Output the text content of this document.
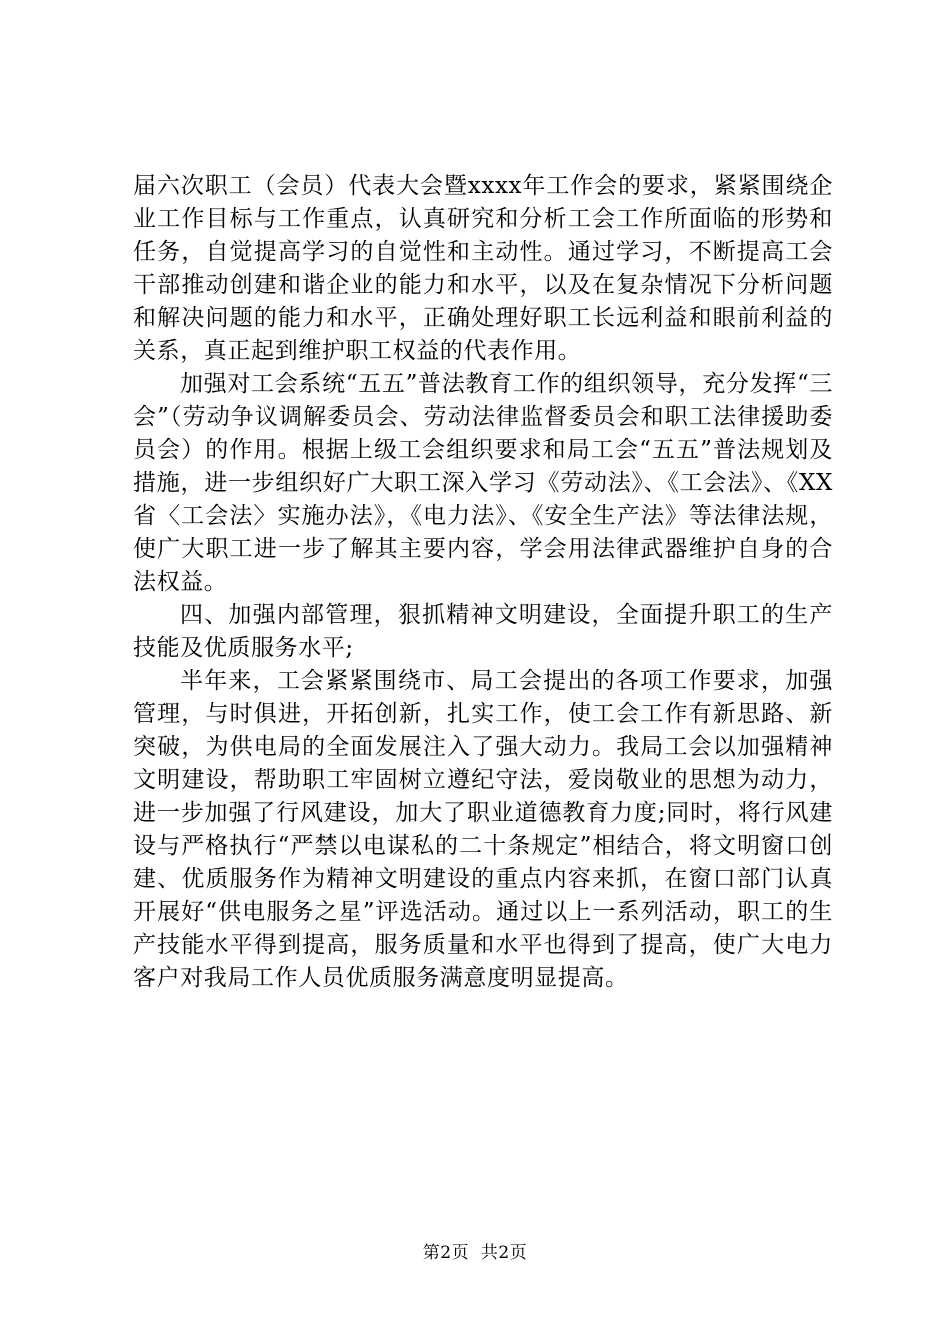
届六次职工（会员）代表大会暨xxxx年工作会的要求，紧紧围绕企业工作目标与工作重点，认真研究和分析工会工作所面临的形势和任务，自觉提高学习的自觉性和主动性。通过学习，不断提高工会干部推动创建和谐企业的能力和水平，以及在复杂情况下分析问题和解决问题的能力和水平，正确处理好职工长远利益和眼前利益的关系，真正起到维护职工权益的代表作用。

加强对工会系统“五五”普法教育工作的组织领导，充分发挥“三会”（劳动争议调解委员会、劳动法律监督委员会和职工法律援助委员会）的作用。根据上级工会组织要求和局工会“五五”普法规划及措施，进一步组织好广大职工深入学习《劳动法》、《工会法》、《XX省〈工会法〉实施办法》，《电力法》、《安全生产法》等法律法规，使广大职工进一步了解其主要内容，学会用法律武器维护自身的合法权益。

四、加强内部管理，狠抓精神文明建设，全面提升职工的生产技能及优质服务水平;

半年来，工会紧紧围绕市、局工会提出的各项工作要求，加强管理，与时俱进，开拓创新，扎实工作，使工会工作有新思路、新突破，为供电局的全面发展注入了强大动力。我局工会以加强精神文明建设，帮助职工牢固树立遵纪守法，爱岗敬业的思想为动力，进一步加强了行风建设，加大了职业道德教育力度;同时，将行风建设与严格执行“严禁以电谋私的二十条规定”相结合，将文明窗口创建、优质服务作为精神文明建设的重点内容来抓，在窗口部门认真开展好“供电服务之星”评选活动。通过以上一系列活动，职工的生产技能水平得到提高，服务质量和水平也得到了提高，使广大电力客户对我局工作人员优质服务满意度明显提高。

第2页  共2页
